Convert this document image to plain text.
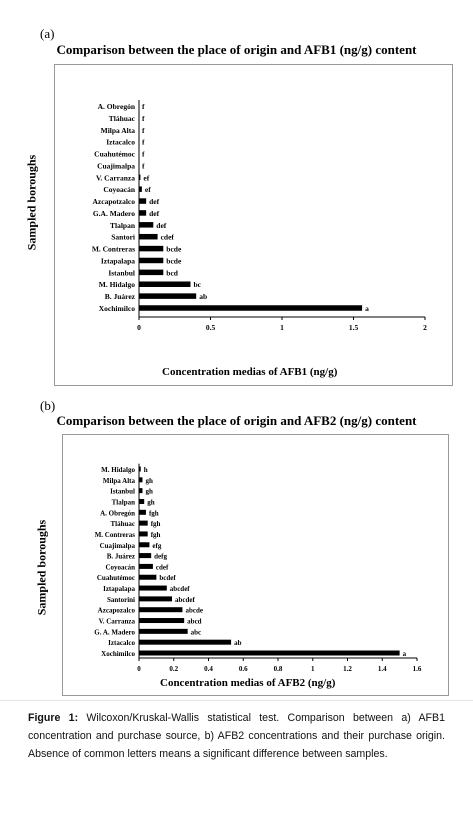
(a)
Comparison between the place of origin and AFB1 (ng/g) content
0	0.5	1	1.5	2
A. Obregón f
Tláhuac f
Milpa Alta f
Iztacalco f
Cuahutémoc f
Cuajimalpa f
V. Carranza ef
Coyoacán ef
Azcapotzalco def
G.A. Madero def
Tlalpan	def
Santori	cdef
M. Contreras	bcde
Iztapalapa	bcde
Istanbul	bcd
M. Hidalgo	bc
B. Juárez	ab
Xochimilco	a
Sampled boroughs
Concentration medias of AFB1 (ng/g)
(b)
Comparison between the place of origin and AFB2 (ng/g) content
0	0.2	0.4	0.6	0.8	1	1.2	1.4	1.6
M. Hidalgo h
Milpa Alta gh
Istanbul gh
Tlalpan gh
A. Obregón fgh
Tláhuac fgh
M. Contreras fgh
Cuajimalpa efg
B. Juárez	defg
Coyoacán	cdef
Cuahutémoc	bcdef
Iztapalapa	abcdef
Santorini	abcdef
Azcapozalco	abcde
V. Carranza	abcd
G. A. Madero	abc
Iztacalco	ab
Xochimilco	a
Sampled boroughs
Concentration medias of AFB2 (ng/g)

Figure 1: Wilcoxon/Kruskal-Wallis statistical test. Comparison between a) AFB1 concentration and purchase source, b) AFB2 concentrations and their purchase origin. Absence of common letters means a significant difference between samples.
